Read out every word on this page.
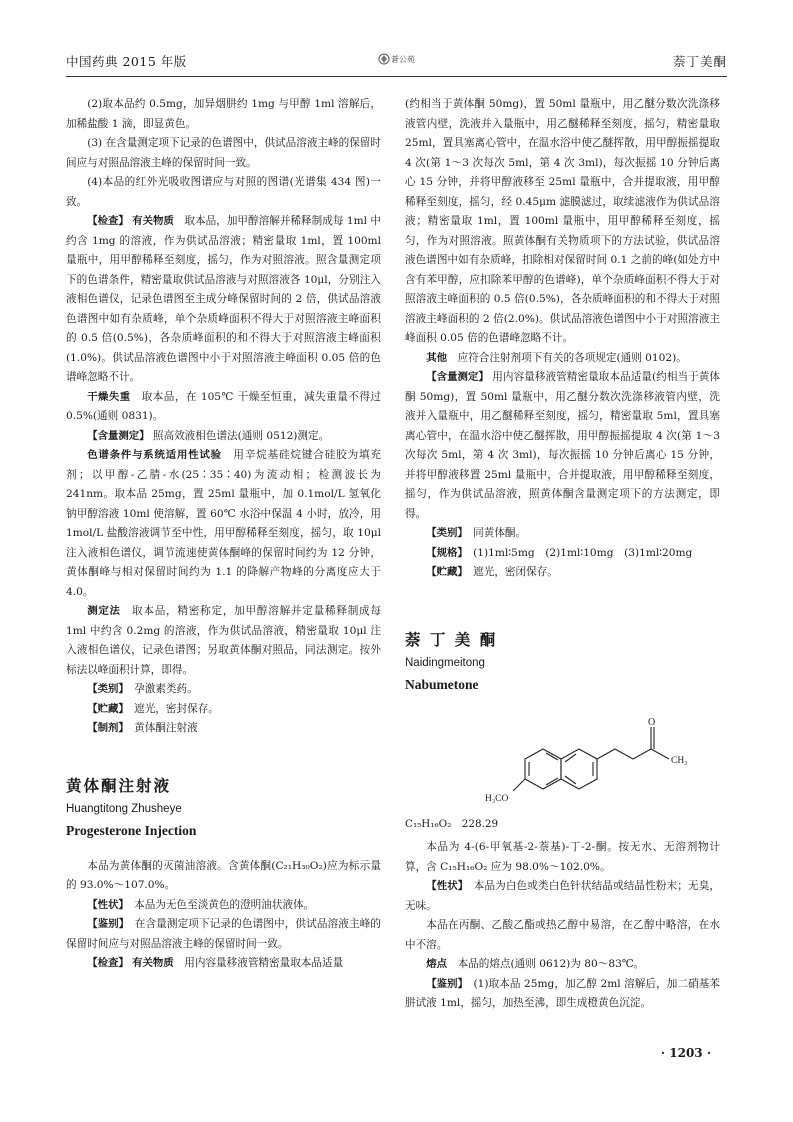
中国药典 2015 年版	蒼公苑	萘丁美酮

(2)取本品约 0.5mg，加异烟肼约 1mg 与甲醇 1ml 溶解后，加稀盐酸 1 滴，即显黄色。

(3) 在含量测定项下记录的色谱图中，供试品溶液主峰的保留时间应与对照品溶液主峰的保留时间一致。

(4)本品的红外光吸收图谱应与对照的图谱(光谱集 434 图)一致。

【检查】 有关物质　 取本品，加甲醇溶解并稀释制成每 1ml 中约含 1mg 的溶液，作为供试品溶液；精密量取 1ml，置 100ml 量瓶中，用甲醇稀释至刻度，摇匀，作为对照溶液。照含量测定项下的色谱条件，精密量取供试品溶液与对照溶液各 10μl，分别注入液相色谱仪，记录色谱图至主成分峰保留时间的 2 倍，供试品溶液色谱图中如有杂质峰，单个杂质峰面积不得大于对照溶液主峰面积的 0.5 倍(0.5%)，各杂质峰面积的和不得大于对照溶液主峰面积(1.0%)。供试品溶液色谱图中小于对照溶液主峰面积 0.05 倍的色谱峰忽略不计。

干燥失重　 取本品，在 105℃ 干燥至恒重，减失重量不得过 0.5%(通则 0831)。

【含量测定】 照高效液相色谱法(通则 0512)测定。

色谱条件与系统适用性试验　 用辛烷基硅烷键合硅胶为填充剂；以甲醇-乙腈-水(25∶35∶40)为流动相；检测波长为 241nm。取本品 25mg，置 25ml 量瓶中，加 0.1mol/L 氢氧化钠甲醇溶液 10ml 使溶解，置 60℃ 水浴中保温 4 小时，放冷，用 1mol/L 盐酸溶液调节至中性，用甲醇稀释至刻度，摇匀，取 10μl 注入液相色谱仪，调节流速使黄体酮峰的保留时间约为 12 分钟，黄体酮峰与相对保留时间约为 1.1 的降解产物峰的分离度应大于 4.0。

测定法　 取本品，精密称定，加甲醇溶解并定量稀释制成每 1ml 中约含 0.2mg 的溶液，作为供试品溶液，精密量取 10μl 注入液相色谱仪，记录色谱图；另取黄体酮对照品，同法测定。按外标法以峰面积计算，即得。

【类别】　 孕激素类药。

【贮藏】　 遮光，密封保存。

【制剂】　 黄体酮注射液

黄体酮注射液

Huangtitong Zhusheye

Progesterone Injection

本品为黄体酮的灭菌油溶液。含黄体酮(C₂₁H₃₀O₂)应为标示量的 93.0%～107.0%。

【性状】　 本品为无色至淡黄色的澄明油状液体。

【鉴别】　 在含量测定项下记录的色谱图中，供试品溶液主峰的保留时间应与对照品溶液主峰的保留时间一致。

【检查】 有关物质　 用内容量移液管精密量取本品适量

(约相当于黄体酮 50mg)，置 50ml 量瓶中，用乙醚分数次洗涤移液管内壁，洗液并入量瓶中，用乙醚稀释至刻度，摇匀，精密量取 25ml，置具塞离心管中，在温水浴中使乙醚挥散，用甲醇振摇提取 4 次(第 1～3 次每次 5ml，第 4 次 3ml)，每次振摇 10 分钟后离心 15 分钟，并将甲醇液移至 25ml 量瓶中，合并提取液，用甲醇稀释至刻度，摇匀，经 0.45μm 滤膜滤过，取续滤液作为供试品溶液；精密量取 1ml，置 100ml 量瓶中，用甲醇稀释至刻度，摇匀，作为对照溶液。照黄体酮有关物质项下的方法试验，供试品溶液色谱图中如有杂质峰，扣除相对保留时间 0.1 之前的峰(如处方中含有苯甲醇，应扣除苯甲醇的色谱峰)，单个杂质峰面积不得大于对照溶液主峰面积的 0.5 倍(0.5%)，各杂质峰面积的和不得大于对照溶液主峰面积的 2 倍(2.0%)。供试品溶液色谱图中小于对照溶液主峰面积 0.05 倍的色谱峰忽略不计。

其他　 应符合注射剂项下有关的各项规定(通则 0102)。

【含量测定】 用内容量移液管精密量取本品适量(约相当于黄体酮 50mg)，置 50ml 量瓶中，用乙醚分数次洗涤移液管内壁，洗液并入量瓶中，用乙醚稀释至刻度，摇匀，精密量取 5ml，置具塞离心管中，在温水浴中使乙醚挥散，用甲醇振摇提取 4 次(第 1～3 次每次 5ml，第 4 次 3ml)，每次振摇 10 分钟后离心 15 分钟，并将甲醇液移置 25ml 量瓶中，合并提取液，用甲醇稀释至刻度，摇匀，作为供试品溶液，照黄体酮含量测定项下的方法测定，即得。

【类别】　 同黄体酮。

【规格】　 (1)1ml∶5mg　(2)1ml∶10mg　(3)1ml∶20mg

【贮藏】　 遮光，密闭保存。

萘 丁 美 酮

Naidingmeitong

Nabumetone

O
CH₃
H₃CO

C₁₅H₁₆O₂　228.29

本品为 4-(6-甲氧基-2-萘基)-丁-2-酮。按无水、无溶剂物计算，含 C₁₅H₁₆O₂ 应为 98.0%～102.0%。

【性状】　 本品为白色或类白色针状结晶或结晶性粉末；无臭，无味。

本品在丙酮、乙酸乙酯或热乙醇中易溶，在乙醇中略溶，在水中不溶。

熔点　 本品的熔点(通则 0612)为 80～83℃。

【鉴别】　 (1)取本品 25mg，加乙醇 2ml 溶解后，加二硝基苯肼试液 1ml，摇匀，加热至沸，即生成橙黄色沉淀。

· 1203 ·
